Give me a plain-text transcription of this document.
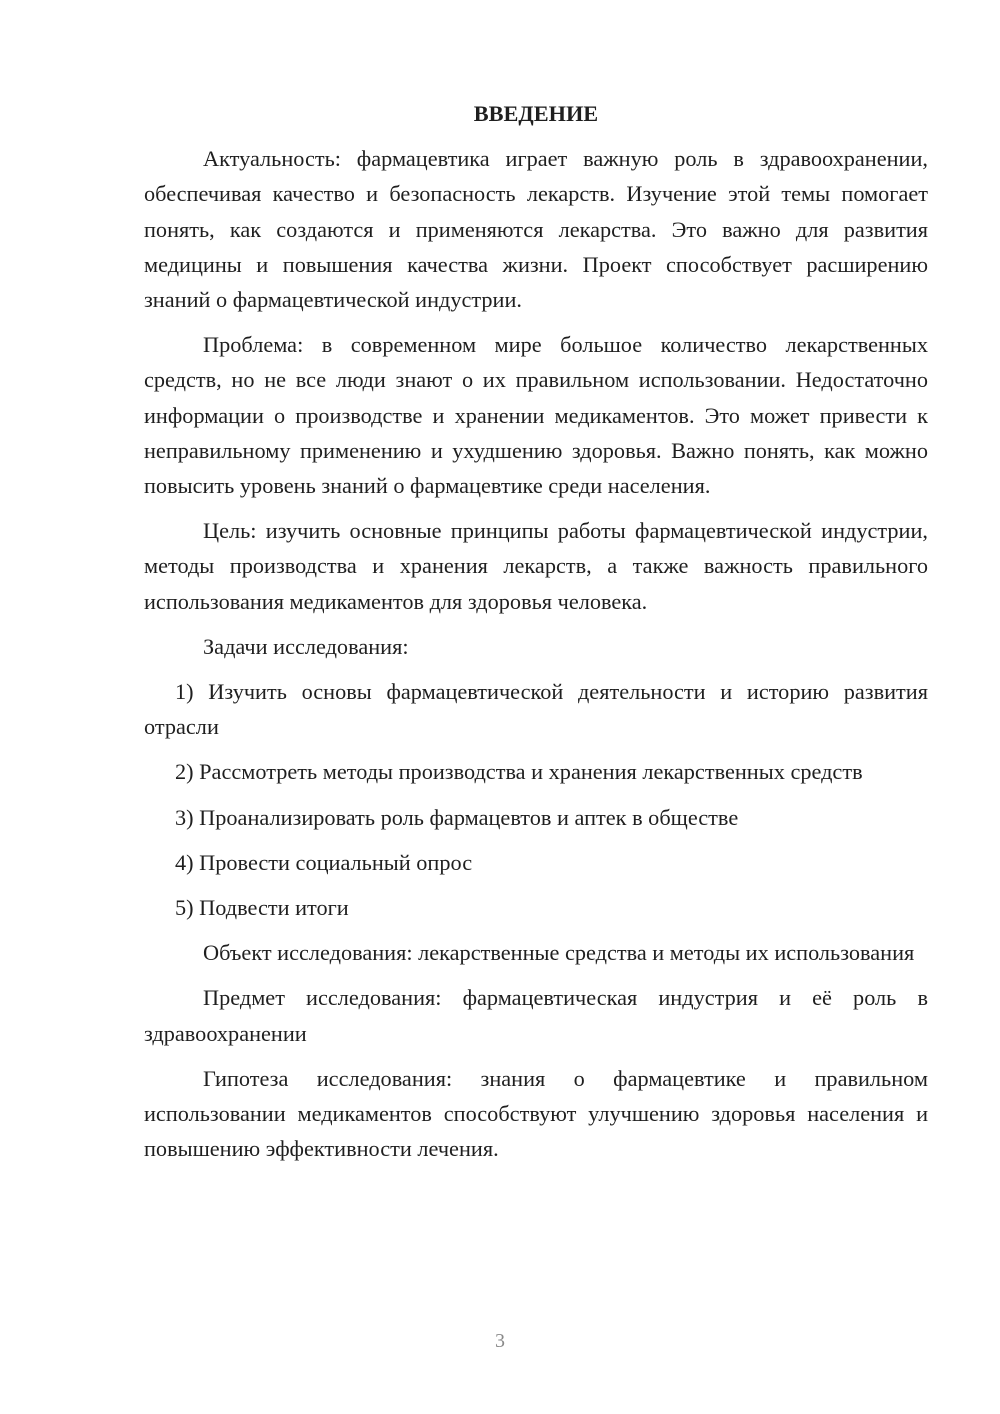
ВВЕДЕНИЕ

Актуальность: фармацевтика играет важную роль в здравоохранении, обеспечивая качество и безопасность лекарств. Изучение этой темы помогает понять, как создаются и применяются лекарства. Это важно для развития медицины и повышения качества жизни. Проект способствует расширению знаний о фармацевтической индустрии.

Проблема: в современном мире большое количество лекарственных средств, но не все люди знают о их правильном использовании. Недостаточно информации о производстве и хранении медикаментов. Это может привести к неправильному применению и ухудшению здоровья. Важно понять, как можно повысить уровень знаний о фармацевтике среди населения.

Цель: изучить основные принципы работы фармацевтической индустрии, методы производства и хранения лекарств, а также важность правильного использования медикаментов для здоровья человека.

Задачи исследования:

1) Изучить основы фармацевтической деятельности и историю развития отрасли

2) Рассмотреть методы производства и хранения лекарственных средств

3) Проанализировать роль фармацевтов и аптек в обществе

4) Провести социальный опрос

5) Подвести итоги

Объект исследования: лекарственные средства и методы их использования

Предмет исследования: фармацевтическая индустрия и её роль в здравоохранении

Гипотеза исследования: знания о фармацевтике и правильном использовании медикаментов способствуют улучшению здоровья населения и повышению эффективности лечения.

3
